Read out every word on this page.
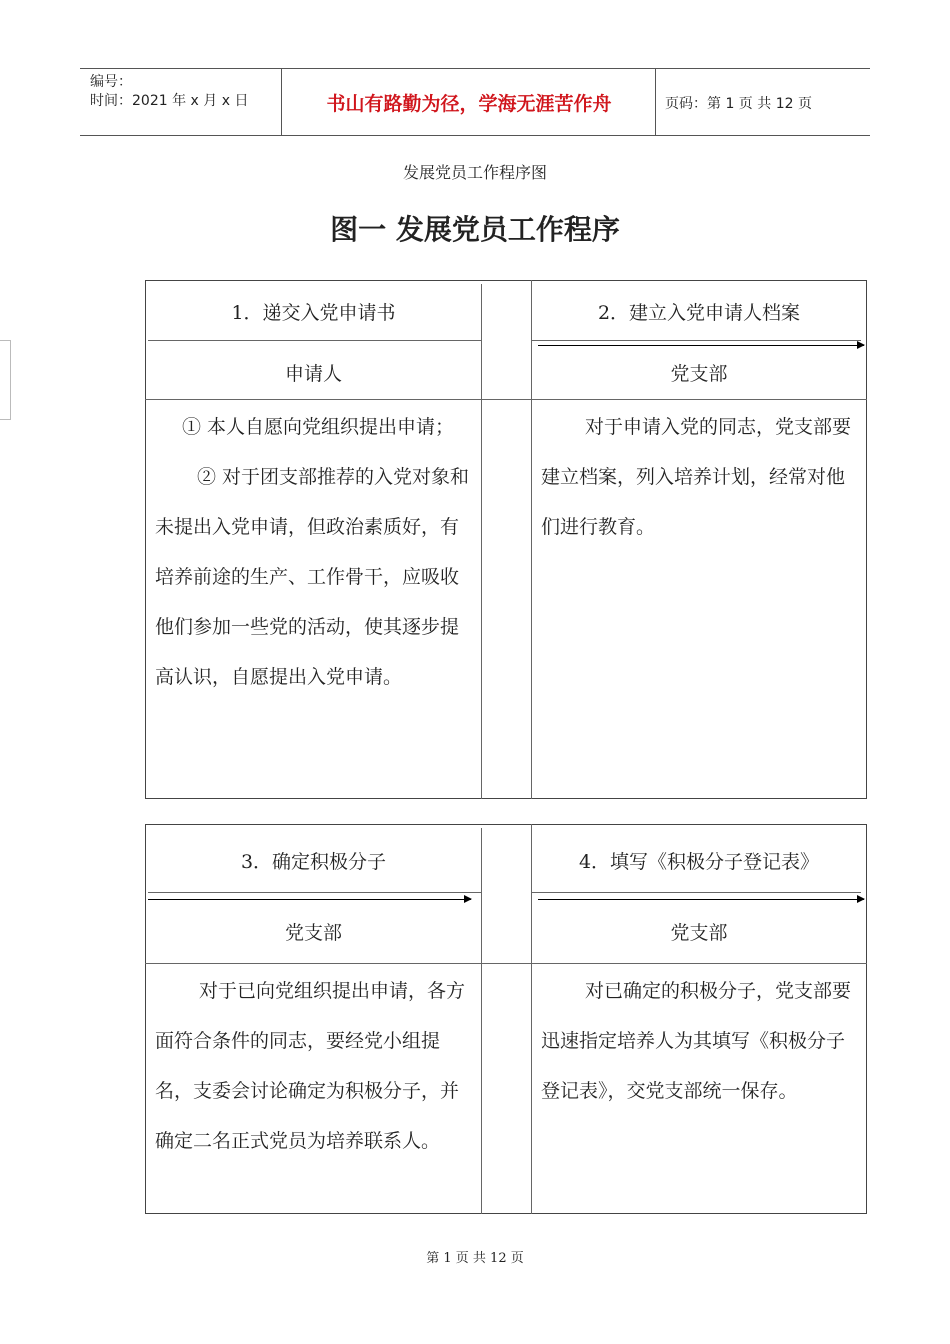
编号：
时间：2021 年 x 月 x 日	书山有路勤为径，学海无涯苦作舟	页码：第 1 页 共 12 页
发展党员工作程序图
图一 发展党员工作程序
1．递交入党申请书	2．建立入党申请人档案
申请人	党支部

① 本人自愿向党组织提出申请；

② 对于团支部推荐的入党对象和未提出入党申请，但政治素质好，有培养前途的生产、工作骨干，应吸收他们参加一些党的活动，使其逐步提高认识，自愿提出入党申请。

对于申请入党的同志，党支部要建立档案，列入培养计划，经常对他们进行教育。

3．确定积极分子	4．填写《积极分子登记表》
党支部	党支部

对于已向党组织提出申请，各方面符合条件的同志，要经党小组提名，支委会讨论确定为积极分子，并确定二名正式党员为培养联系人。

对已确定的积极分子，党支部要迅速指定培养人为其填写《积极分子登记表》，交党支部统一保存。

第 1 页 共 12 页
